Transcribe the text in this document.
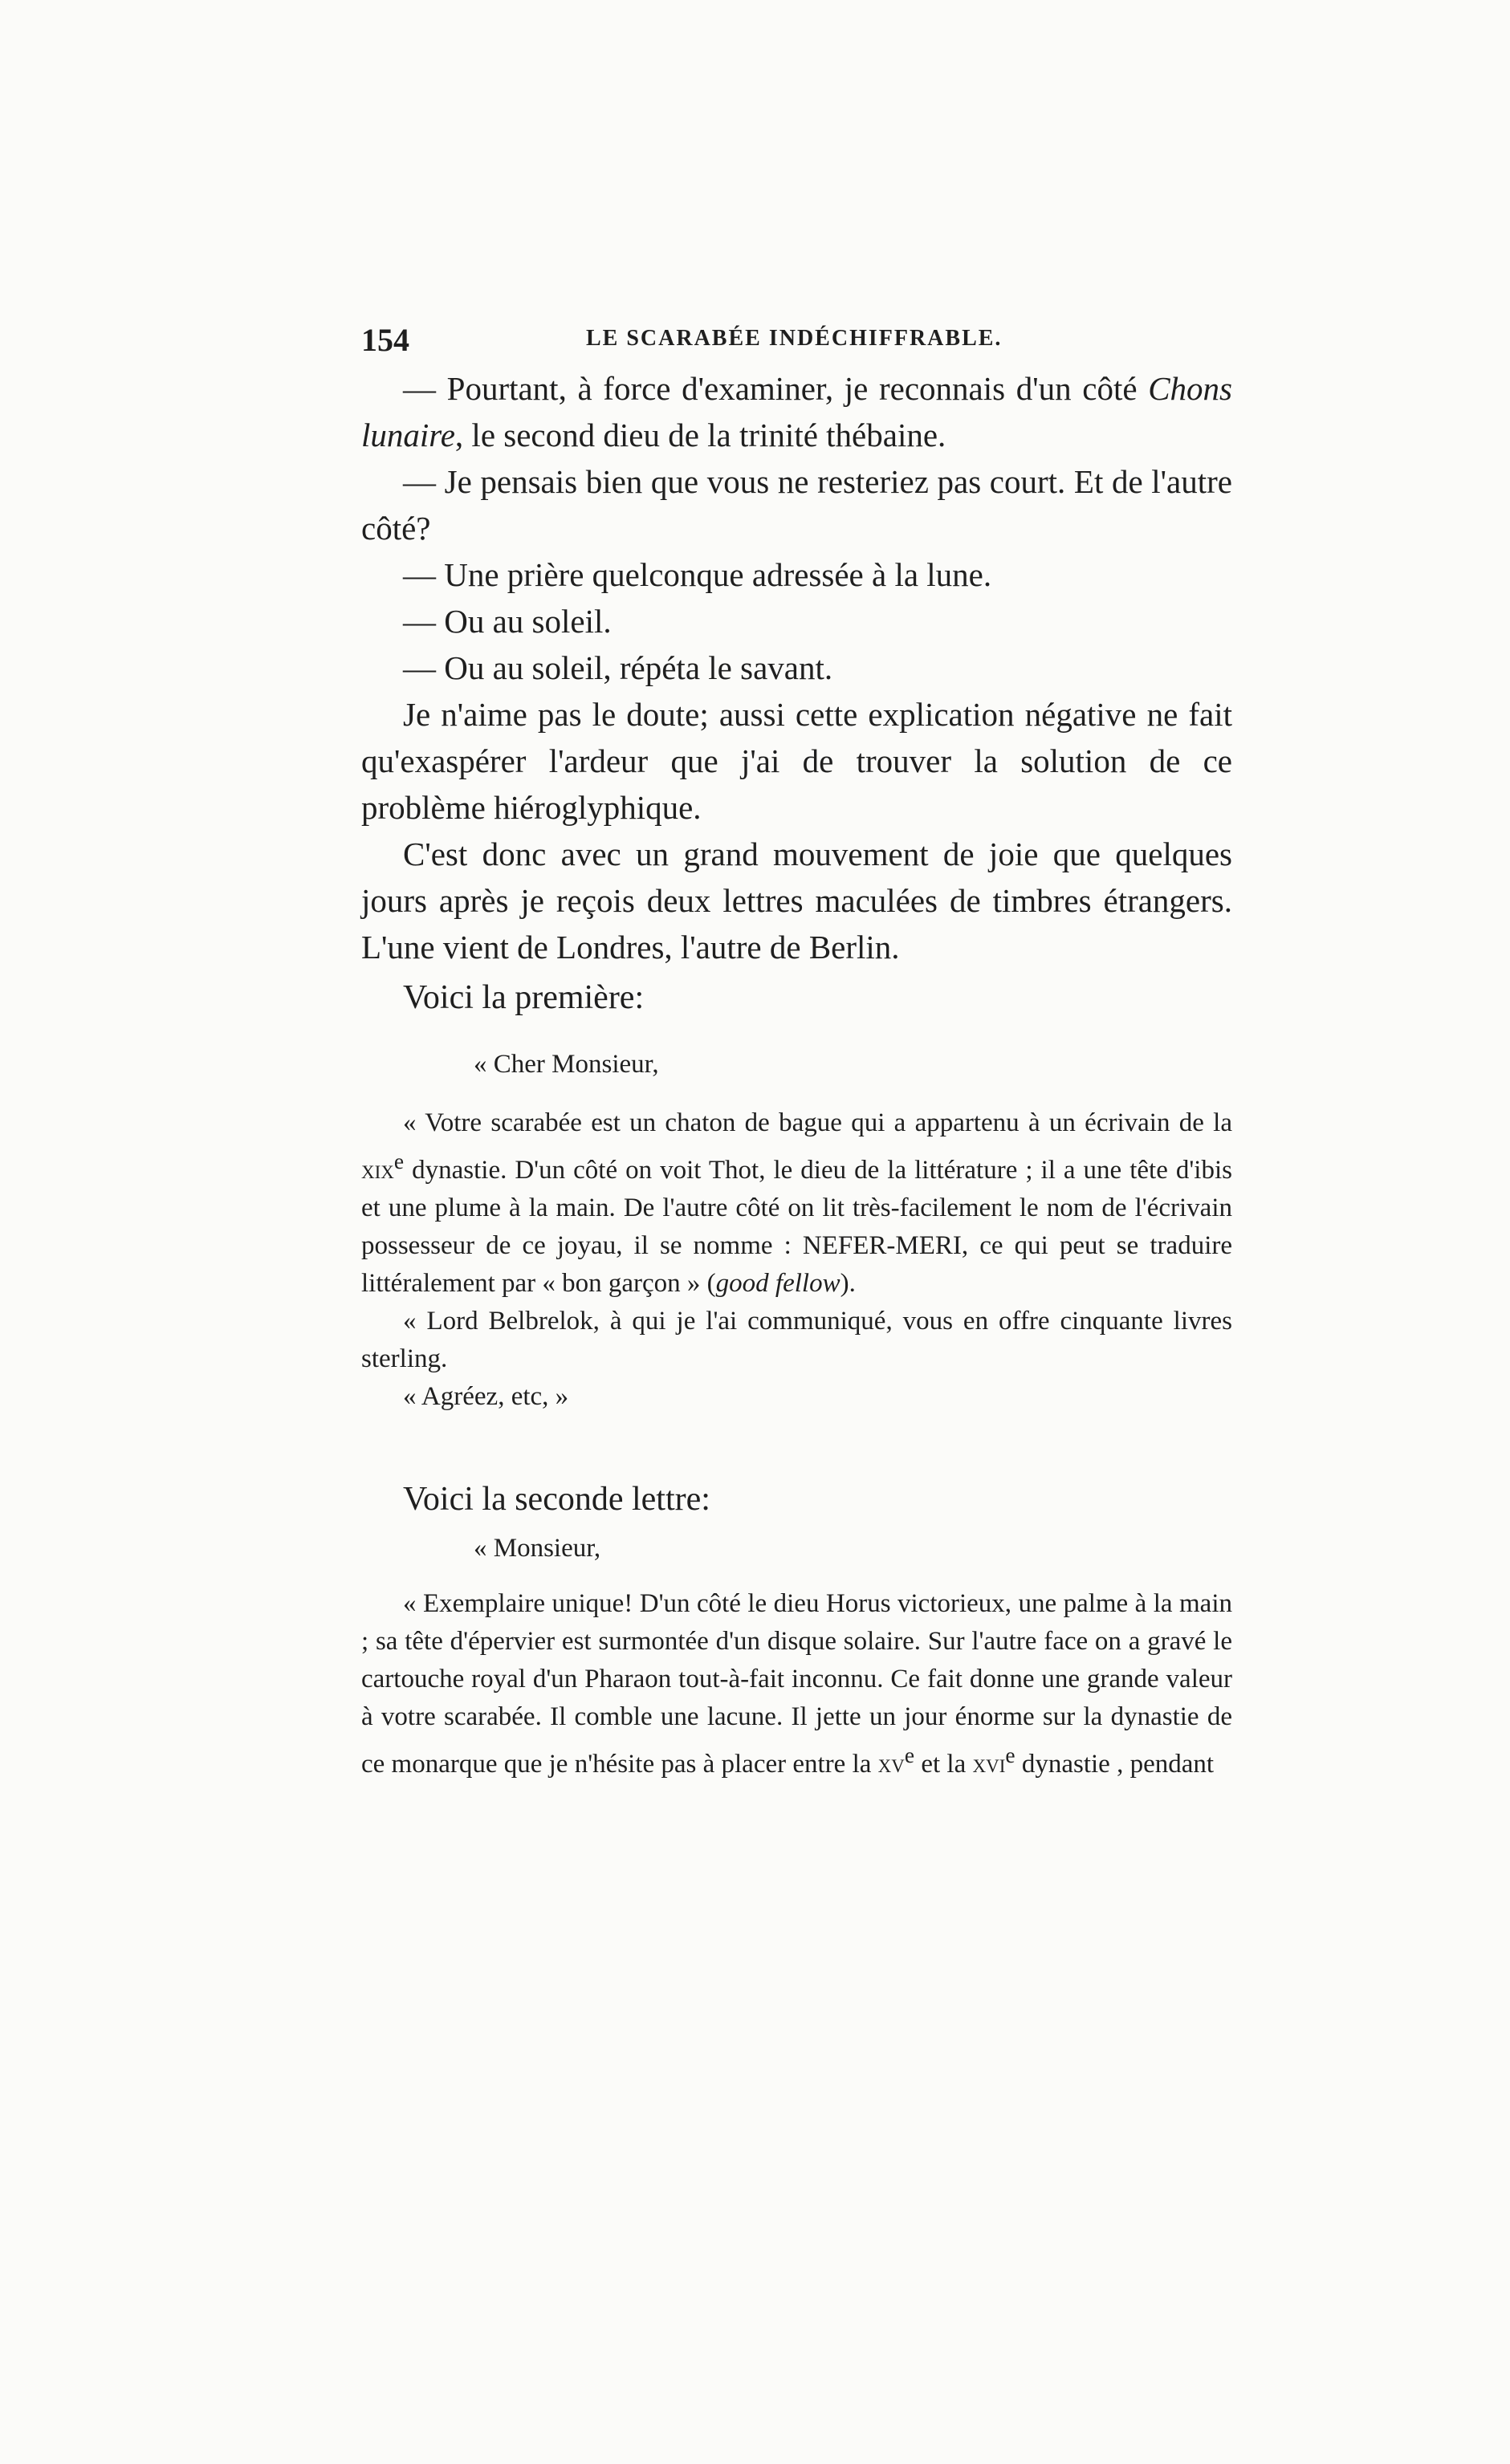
154	LE SCARABÉE INDÉCHIFFRABLE.

— Pourtant, à force d'examiner, je reconnais d'un côté Chons lunaire, le second dieu de la trinité thébaine.

— Je pensais bien que vous ne resteriez pas court. Et de l'autre côté?

— Une prière quelconque adressée à la lune.

— Ou au soleil.

— Ou au soleil, répéta le savant.

Je n'aime pas le doute; aussi cette explication négative ne fait qu'exaspérer l'ardeur que j'ai de trouver la solution de ce problème hiéroglyphique.

C'est donc avec un grand mouvement de joie que quelques jours après je reçois deux lettres maculées de timbres étrangers. L'une vient de Londres, l'autre de Berlin.

Voici la première:

« Cher Monsieur,

« Votre scarabée est un chaton de bague qui a appartenu à un écrivain de la xix$^e$ dynastie. D'un côté on voit Thot, le dieu de la littérature ; il a une tête d'ibis et une plume à la main. De l'autre côté on lit très-facilement le nom de l'écrivain possesseur de ce joyau, il se nomme : NEFER-MERI, ce qui peut se traduire littéralement par « bon garçon » (good fellow).

« Lord Belbrelok, à qui je l'ai communiqué, vous en offre cinquante livres sterling.

« Agréez, etc, »

Voici la seconde lettre:

« Monsieur,

« Exemplaire unique! D'un côté le dieu Horus victorieux, une palme à la main ; sa tête d'épervier est surmontée d'un disque solaire. Sur l'autre face on a gravé le cartouche royal d'un Pharaon tout-à-fait inconnu. Ce fait donne une grande valeur à votre scarabée. Il comble une lacune. Il jette un jour énorme sur la dynastie de ce monarque que je n'hésite pas à placer entre la $xv^e$ et la xvi$^e$ dynastie , pendant
